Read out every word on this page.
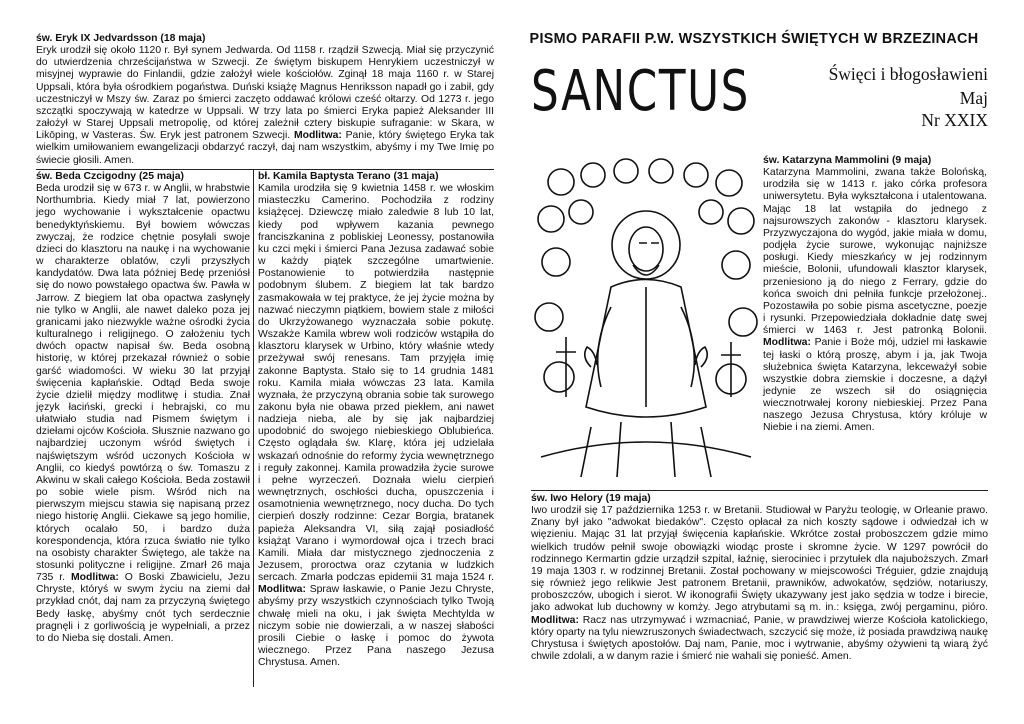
św. Eryk IX Jedvardsson (18 maja)

Eryk urodził się około 1120 r. Był synem Jedwarda. Od 1158 r. rządził Szwecją. Miał się przyczynić do utwierdzenia chrześcijaństwa w Szwecji. Ze świętym biskupem Henrykiem uczestniczył w misyjnej wyprawie do Finlandii, gdzie założył wiele kościołów. Zginął 18 maja 1160 r. w Starej Uppsali, która była ośrodkiem pogaństwa. Duński książę Magnus Henriksson napadł go i zabił, gdy uczestniczył w Mszy św. Zaraz po śmierci zaczęto oddawać królowi cześć ołtarzy. Od 1273 r. jego szczątki spoczywają w katedrze w Uppsali. W trzy lata po śmierci Eryka papież Aleksander III założył w Starej Uppsali metropolię, od której zależnił cztery biskupie sufraganie: w Skara, w Likōping, w Vasteras. Św. Eryk jest patronem Szwecji. Modlitwa: Panie, który świętego Eryka tak wielkim umiłowaniem ewangelizacji obdarzyć raczył, daj nam wszystkim, abyśmy i my Twe Imię po świecie głosili. Amen.

św. Beda Czcigodny (25 maja)

Beda urodził się w 673 r. w Anglii, w hrabstwie Northumbria. Kiedy miał 7 lat, powierzono jego wychowanie i wykształcenie opactwu benedyktyńskiemu. Był bowiem wówczas zwyczaj, że rodzice chętnie posyłali swoje dzieci do klasztoru na naukę i na wychowanie w charakterze oblatów, czyli przyszłych kandydatów. Dwa lata później Bedę przeniósł się do nowo powstałego opactwa św. Pawła w Jarrow. Z biegiem lat oba opactwa zasłynęły nie tylko w Anglii, ale nawet daleko poza jej granicami jako niezwykle ważne ośrodki życia kulturalnego i religijnego. O założeniu tych dwóch opactw napisał św. Beda osobną historię, w której przekazał również o sobie garść wiadomości. W wieku 30 lat przyjął święcenia kapłańskie. Odtąd Beda swoje życie dzielił między modlitwę i studia. Znał język łaciński, grecki i hebrajski, co mu ułatwiało studia nad Pismem świętym i dziełami ojców Kościoła. Słusznie nazwano go najbardziej uczonym wśród świętych i najświętszym wśród uczonych Kościoła w Anglii, co kiedyś powtórzą o św. Tomaszu z Akwinu w skali całego Kościoła. Beda zostawił po sobie wiele pism. Wśród nich na pierwszym miejscu stawia się napisaną przez niego historię Anglii. Ciekawe są jego homilie, których ocalało 50, i bardzo duża korespondencja, która rzuca światło nie tylko na osobisty charakter Świętego, ale także na stosunki polityczne i religijne. Zmarł 26 maja 735 r. Modlitwa: O Boski Zbawicielu, Jezu Chryste, któryś w swym życiu na ziemi dał przykład cnót, daj nam za przyczyną świętego Bedy łaskę, abyśmy cnót tych serdecznie pragnęli i z gorliwością je wypełniali, a przez to do Nieba się dostali. Amen.

bł. Kamila Baptysta Terano (31 maja)

Kamila urodziła się 9 kwietnia 1458 r. we włoskim miasteczku Camerino. Pochodziła z rodziny książęcej. Dziewczę miało zaledwie 8 lub 10 lat, kiedy pod wpływem kazania pewnego franciszkanina z pobliskiej Leonessy, postanowiła ku czci męki i śmierci Pana Jezusa zadawać sobie w każdy piątek szczególne umartwienie. Postanowienie to potwierdziła następnie podobnym ślubem. Z biegiem lat tak bardzo zasmakowała w tej praktyce, że jej życie można by nazwać nieczymn piątkiem, bowiem stale z miłości do Ukrzyżowanego wyznaczała sobie pokutę. Wszakże Kamila wbrew woli rodziców wstąpiła do klasztoru klarysek w Urbino, który właśnie wtedy przeżywał swój renesans. Tam przyjęła imię zakonne Baptysta. Stało się to 14 grudnia 1481 roku. Kamila miała wówczas 23 lata. Kamila wyznała, że przyczyną obrania sobie tak surowego zakonu była nie obawa przed piekłem, ani nawet nadzieja nieba, ale by się jak najbardziej upodobnić do swojego niebieskiego Oblubieńca. Często oglądała św. Klarę, która jej udzielała wskazań odnośnie do reformy życia wewnętrznego i reguły zakonnej. Kamila prowadziła życie surowe i pełne wyrzeczeń. Doznała wielu cierpień wewnętrznych, oschłości ducha, opuszczenia i osamotnienia wewnętrznego, nocy ducha. Do tych cierpień doszły rodzinne: Cezar Borgia, bratanek papieża Aleksandra VI, siłą zajął posiadłość książąt Varano i wymordował ojca i trzech braci Kamili. Miała dar mistycznego zjednoczenia z Jezusem, proroctwa oraz czytania w ludzkich sercach. Zmarła podczas epidemii 31 maja 1524 r. Modlitwa: Spraw łaskawie, o Panie Jezu Chryste, abyśmy przy wszystkich czynnościach tylko Twoją chwałę mieli na oku, i jak święta Mechtylda w niczym sobie nie dowierzali, a w naszej słabości prosili Ciebie o łaskę i pomoc do żywota wiecznego. Przez Pana naszego Jezusa Chrystusa. Amen.

PISMO PARAFII P.W. WSZYSTKICH ŚWIĘTYCH W BRZEZINACH
SANCTUS	Święci i błogosławieni
Maj
Nr XXIX

św. Katarzyna Mammolini (9 maja)

Katarzyna Mammolini, zwana także Bolońską, urodziła się w 1413 r. jako córka profesora uniwersytetu. Była wykształcona i utalentowana. Mając 18 lat wstąpiła do jednego z najsurowszych zakonów - klasztoru klarysek. Przyzwyczajona do wygód, jakie miała w domu, podjęła życie surowe, wykonując najniższe posługi. Kiedy mieszkańcy w jej rodzinnym mieście, Bolonii, ufundowali klasztor klarysek, przeniesiono ją do niego z Ferrary, gdzie do końca swoich dni pełniła funkcje przełożonej.. Pozostawiła po sobie pisma ascetyczne, poezje i rysunki. Przepowiedziała dokładnie datę swej śmierci w 1463 r. Jest patronką Bolonii. Modlitwa: Panie i Boże mój, udziel mi łaskawie tej łaski o którą proszę, abym i ja, jak Twoja służebnica święta Katarzyna, lekceważył sobie wszystkie dobra ziemskie i doczesne, a dążył jedynie ze wszech sił do osiągnięcia wiecznotrwałej korony niebieskiej. Przez Pana naszego Jezusa Chrystusa, który króluje w Niebie i na ziemi. Amen.

św. Iwo Helory (19 maja)

Iwo urodził się 17 października 1253 r. w Bretanii. Studiował w Paryżu teologię, w Orleanie prawo. Znany był jako "adwokat biedaków". Często opłacał za nich koszty sądowe i odwiedzał ich w więzieniu. Mając 31 lat przyjął święcenia kapłańskie. Wkrótce został proboszczem gdzie mimo wielkich trudów pełnił swoje obowiązki wiodąc proste i skromne życie. W 1297 powrócił do rodzinnego Kermartin gdzie urządził szpital, łaźnię, sierociniec i przytułek dla najuboższych. Zmarł 19 maja 1303 r. w rodzinnej Bretanii. Został pochowany w miejscowości Tréguier, gdzie znajdują się również jego relikwie Jest patronem Bretanii, prawników, adwokatów, sędziów, notariuszy, proboszczów, ubogich i sierot. W ikonografii Święty ukazywany jest jako sędzia w todze i birecie, jako adwokat lub duchowny w komży. Jego atrybutami są m. in.: księga, zwój pergaminu, pióro. Modlitwa: Racz nas utrzymywać i wzmacniać, Panie, w prawdziwej wierze Kościoła katolickiego, który oparty na tylu niewzruszonych świadectwach, szczycić się może, iż posiada prawdziwą naukę Chrystusa i świętych apostołów. Daj nam, Panie, moc i wytrwanie, abyśmy ożywieni tą wiarą żyć chwile zdolali, a w danym razie i śmierć nie wahali się ponieść. Amen.
